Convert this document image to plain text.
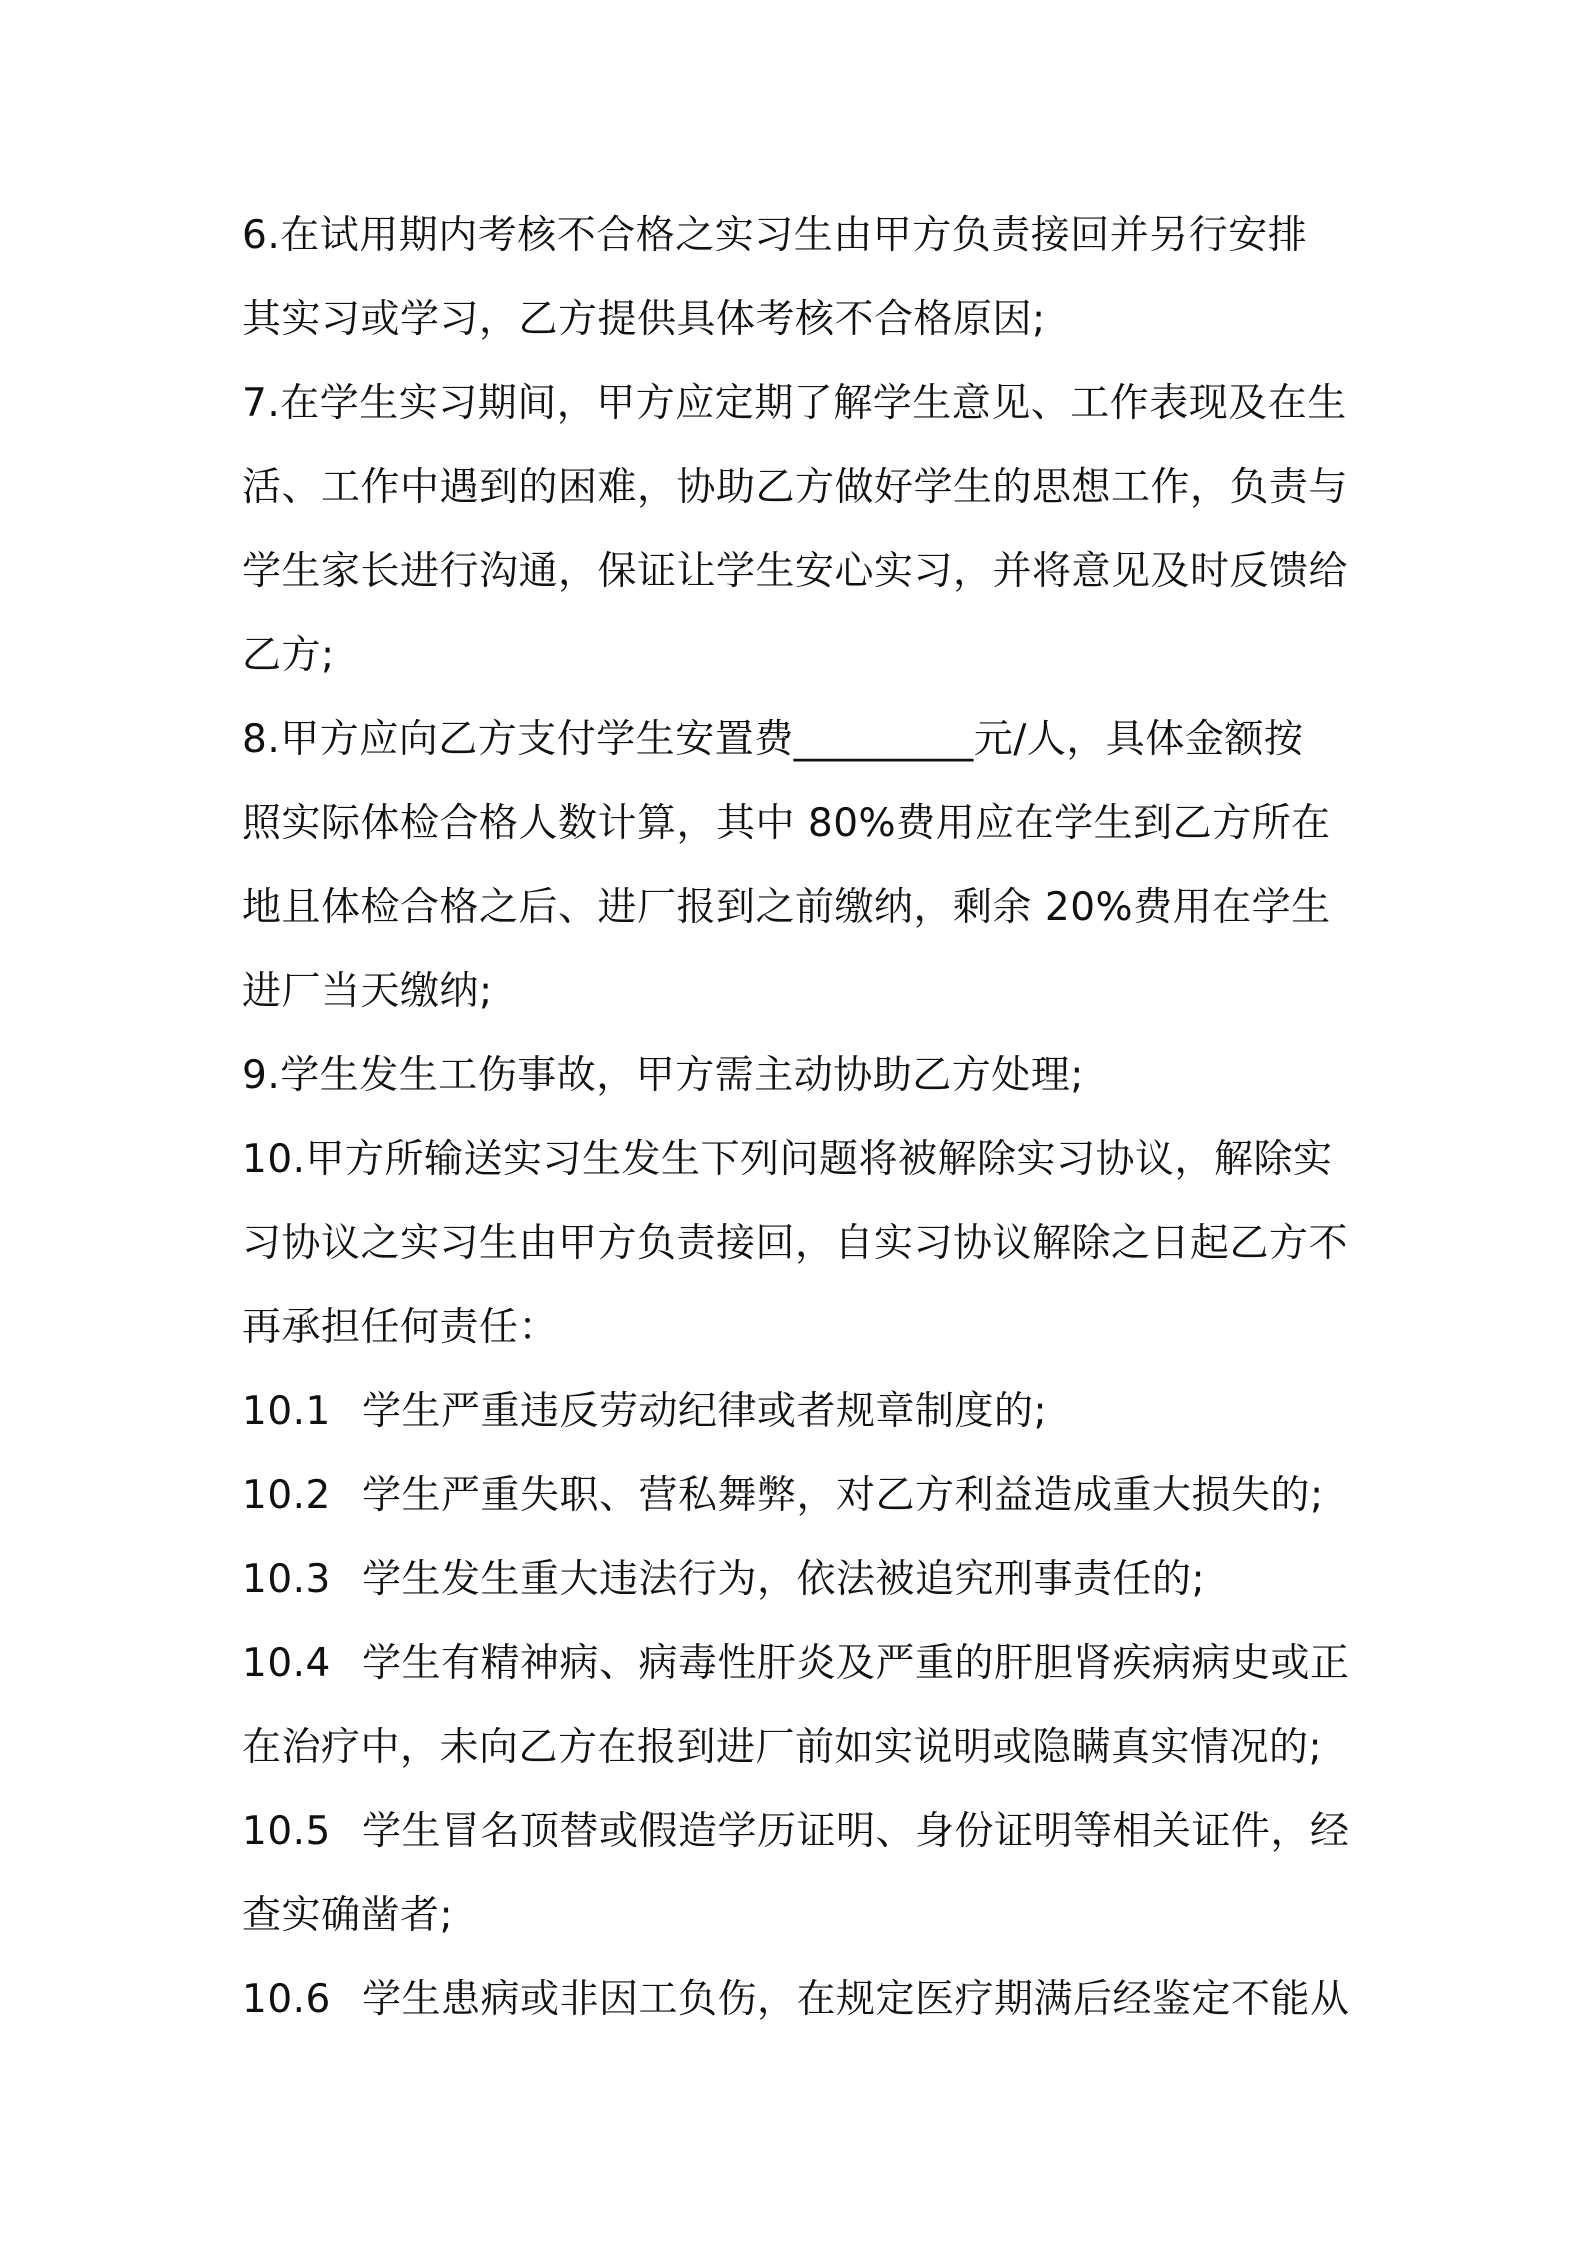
6.在试用期内考核不合格之实习生由甲方负责接回并另行安排
其实习或学习，乙方提供具体考核不合格原因;
7.在学生实习期间，甲方应定期了解学生意见、工作表现及在生
活、工作中遇到的困难，协助乙方做好学生的思想工作，负责与
学生家长进行沟通，保证让学生安心实习，并将意见及时反馈给
乙方;
8.甲方应向乙方支付学生安置费_________元/人，具体金额按
照实际体检合格人数计算，其中 80%费用应在学生到乙方所在
地且体检合格之后、进厂报到之前缴纳，剩余 20%费用在学生
进厂当天缴纳;
9.学生发生工伤事故，甲方需主动协助乙方处理;
10.甲方所输送实习生发生下列问题将被解除实习协议，解除实
习协议之实习生由甲方负责接回，自实习协议解除之日起乙方不
再承担任何责任：
10.1 学生严重违反劳动纪律或者规章制度的;
10.2 学生严重失职、营私舞弊，对乙方利益造成重大损失的;
10.3 学生发生重大违法行为，依法被追究刑事责任的;
10.4 学生有精神病、病毒性肝炎及严重的肝胆肾疾病病史或正
在治疗中，未向乙方在报到进厂前如实说明或隐瞒真实情况的;
10.5 学生冒名顶替或假造学历证明、身份证明等相关证件，经
查实确凿者;
10.6 学生患病或非因工负伤，在规定医疗期满后经鉴定不能从
